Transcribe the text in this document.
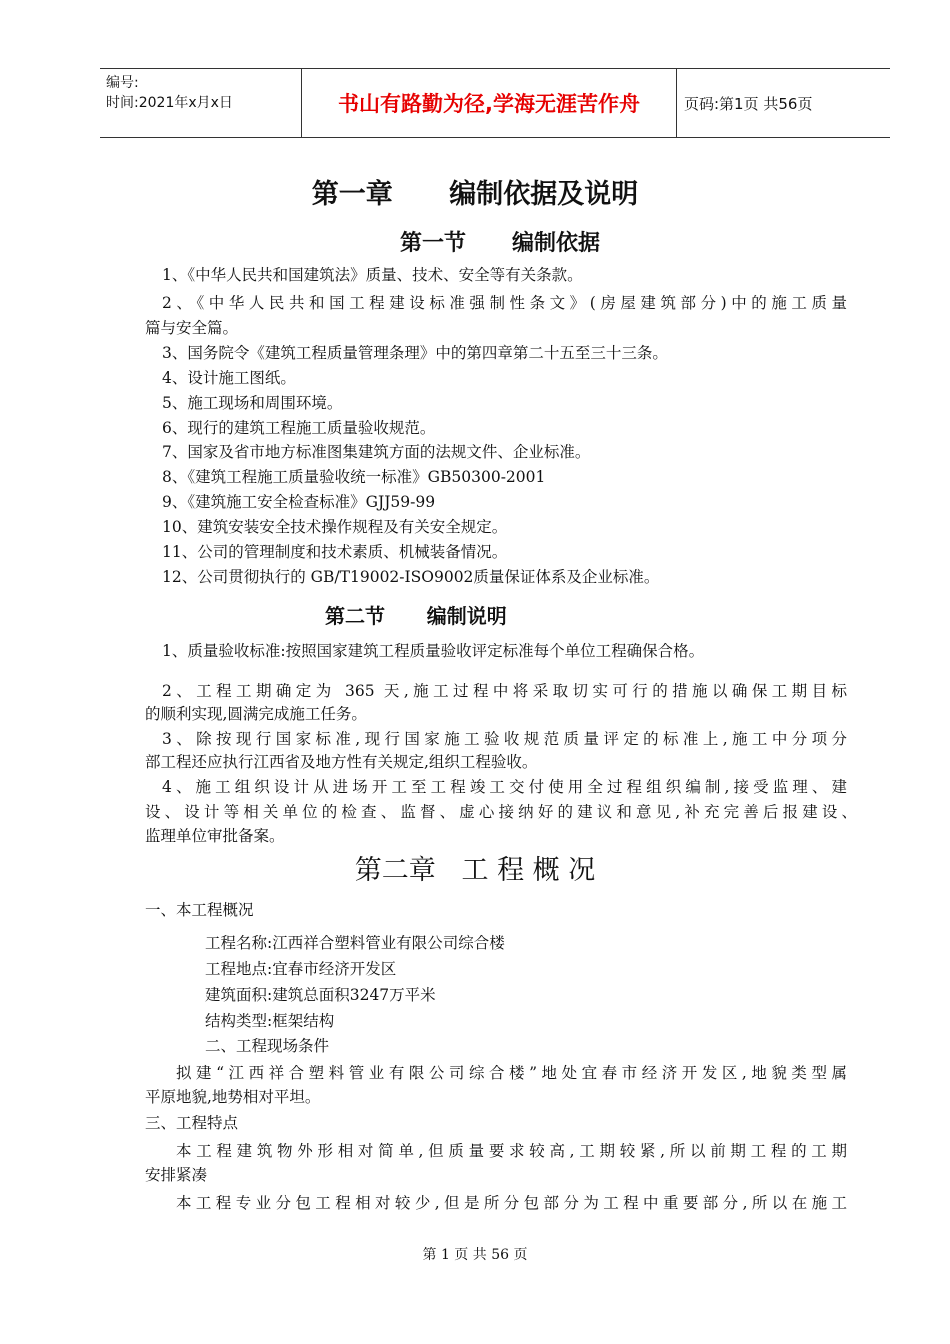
编号:
时间:2021年x月x日	书山有路勤为径,学海无涯苦作舟	页码:第1页 共56页
第一章      编制依据及说明
第一节      编制依据
1、《中华人民共和国建筑法》质量、技术、安全等有关条款。
2、《中华人民共和国工程建设标准强制性条文》(房屋建筑部分)中的施工质量
篇与安全篇。
3、国务院令《建筑工程质量管理条理》中的第四章第二十五至三十三条。
4、设计施工图纸。
5、施工现场和周围环境。
6、现行的建筑工程施工质量验收规范。
7、国家及省市地方标准图集建筑方面的法规文件、企业标准。
8、《建筑工程施工质量验收统一标准》GB50300-2001
9、《建筑施工安全检查标准》GJJ59-99
10、建筑安装安全技术操作规程及有关安全规定。
11、公司的管理制度和技术素质、机械装备情况。
12、公司贯彻执行的 GB/T19002-ISO9002质量保证体系及企业标准。
第二节      编制说明
1、质量验收标准:按照国家建筑工程质量验收评定标准每个单位工程确保合格。
2、工程工期确定为 365 天,施工过程中将采取切实可行的措施以确保工期目标
的顺利实现,圆满完成施工任务。
3、除按现行国家标准,现行国家施工验收规范质量评定的标准上,施工中分项分
部工程还应执行江西省及地方性有关规定,组织工程验收。
4、施工组织设计从进场开工至工程竣工交付使用全过程组织编制,接受监理、建
设、设计等相关单位的检查、监督、虚心接纳好的建议和意见,补充完善后报建设、
监理单位审批备案。
第二章   工 程 概 况
一、本工程概况
工程名称:江西祥合塑料管业有限公司综合楼
工程地点:宜春市经济开发区
建筑面积:建筑总面积3247万平米
结构类型:框架结构
二、工程现场条件
拟建“江西祥合塑料管业有限公司综合楼”地处宜春市经济开发区,地貌类型属
平原地貌,地势相对平坦。
三、工程特点
本工程建筑物外形相对简单,但质量要求较高,工期较紧,所以前期工程的工期
安排紧凑
本工程专业分包工程相对较少,但是所分包部分为工程中重要部分,所以在施工
第 1 页 共 56 页
